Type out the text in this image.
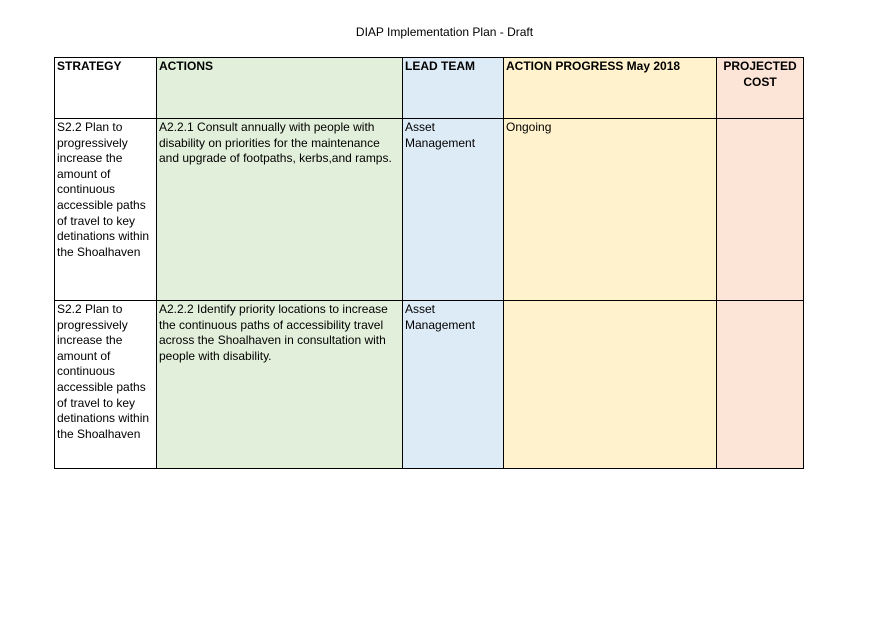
DIAP Implementation Plan - Draft
STRATEGY	ACTIONS	LEAD TEAM	ACTION PROGRESS May 2018	PROJECTED COST
S2.2 Plan to progressively increase the amount of continuous accessible paths of travel to key detinations within the Shoalhaven	A2.2.1 Consult annually with people with disability on priorities for the maintenance and upgrade of footpaths, kerbs,and ramps.	Asset Management	Ongoing	
S2.2 Plan to progressively increase the amount of continuous accessible paths of travel to key detinations within the Shoalhaven	A2.2.2 Identify priority locations to increase the continuous paths of accessibility travel across the Shoalhaven in consultation with people with disability.	Asset Management		
